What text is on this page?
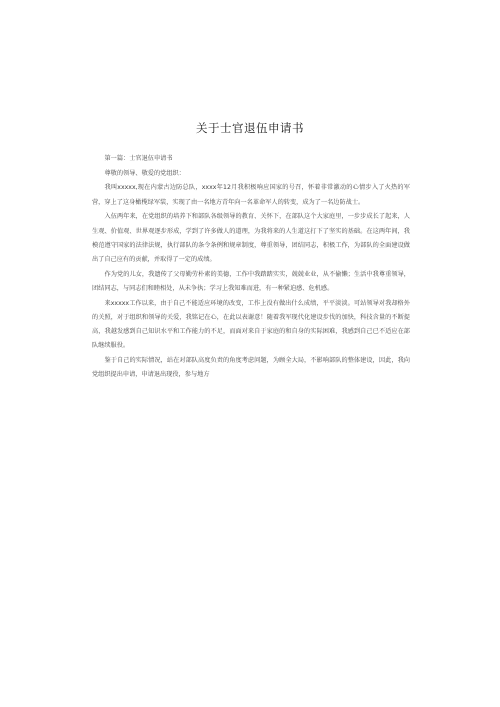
关于士官退伍申请书

第一篇：士官退伍申请书

尊敬的领导、敬爱的党组织：

我叫xxxxx,现在内蒙古边防总队，xxxx年12月我积极响应国家的号召，怀着非常激动的心情步入了火热的军营，穿上了这身橄榄绿军装，实现了由一名地方青年向一名革命军人的转变，成为了一名边防战士。

入伍两年来，在党组织的培养下和部队各级领导的教育、关怀下，在部队这个大家庭里，一步步成长了起来，人生观、价值观、世界观逐步形成，学到了许多做人的道理，为我将来的人生道这打下了坚实的基础。在这两年间，我模范遵守国家的法律法规，执行部队的条令条例和规章制度，尊重领导，团结同志，积极工作，为部队的全面建设做出了自己应有的贡献，并取得了一定的成绩。

作为党的儿女，我遗传了父母勤劳朴素的美德，工作中我踏踏实实，兢兢业业，从不偷懒；生活中我尊重领导，团结同志，与同志们和睦相处，从未争执；学习上我知难而进，有一种紧迫感、危机感。

来xxxxx工作以来，由于自己不能适应环境的改变，工作上没有做出什么成绩，平平淡淡。可站领导对我却格外的关照，对于组织和领导的关爱，我铭记在心，在此以表谢意！随着我军现代化建设步伐的加快，科技含量的不断提高，我越发感到自己知识水平和工作能力的不足，而面对来自于家庭的和自身的实际困难，我感到自己已不适应在部队继续服役。

鉴于自己的实际情况，站在对部队高度负责的角度考虑问题，为顾全大局，不影响部队的整体建设，因此，我向党组织提出申请，申请退出现役，参与地方
